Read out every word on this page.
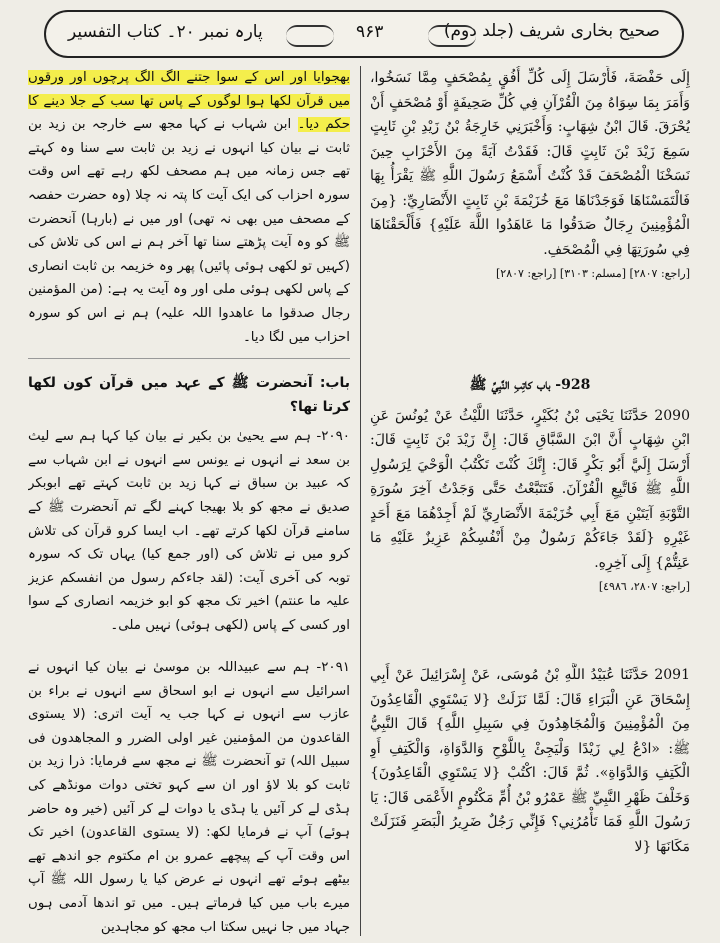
صحیح بخاری شریف (جلد دوم)
۹۶۳
پارہ نمبر ۲۰۔ کتاب التفسیر

بھجوایا اور اس کے سوا جتنے الگ الگ پرچوں اور ورقوں میں قرآن لکھا ہوا لوگوں کے پاس تھا سب کے جلا دینے کا حکم دیا۔ ابن شہاب نے کہا مجھ سے خارجہ بن زید بن ثابت نے بیان کیا انہوں نے زید بن ثابت سے سنا وہ کہتے تھے جس زمانہ میں ہم مصحف لکھ رہے تھے اس وقت سورہ احزاب کی ایک آیت کا پتہ نہ چلا (وہ حضرت حفصہ کے مصحف میں بھی نہ تھی) اور میں نے (بارہا) آنحضرت ﷺ کو وہ آیت پڑھتے سنا تھا آخر ہم نے اس کی تلاش کی (کہیں تو لکھی ہوئی پائیں) پھر وہ خزیمہ بن ثابت انصاری کے پاس لکھی ہوئی ملی اور وہ آیت یہ ہے: (من المؤمنین رجال صدقوا ما عاھدوا اللہ علیہ) ہم نے اس کو سورہ احزاب میں لگا دیا۔

باب: آنحضرت ﷺ کے عہد میں قرآن کون لکھا کرتا تھا؟

۲۰۹۰- ہم سے یحییٰ بن بکیر نے بیان کیا کہا ہم سے لیث بن سعد نے انہوں نے یونس سے انہوں نے ابن شہاب سے کہ عبید بن سباق نے کہا زید بن ثابت کہتے تھے ابوبکر صدیق نے مجھ کو بلا بھیجا کہنے لگے تم آنحضرت ﷺ کے سامنے قرآن لکھا کرتے تھے۔ اب ایسا کرو قرآن کی تلاش کرو میں نے تلاش کی (اور جمع کیا) یہاں تک کہ سورہ توبہ کی آخری آیت: (لقد جاءکم رسول من انفسکم عزیز علیہ ما عنتم) اخیر تک مجھ کو ابو خزیمہ انصاری کے سوا اور کسی کے پاس (لکھی ہوئی) نہیں ملی۔

۲۰۹۱- ہم سے عبیداللہ بن موسیٰ نے بیان کیا انہوں نے اسرائیل سے انہوں نے ابو اسحاق سے انہوں نے براء بن عازب سے انہوں نے کہا جب یہ آیت اتری: (لا یستوی القاعدون من المؤمنین غیر اولی الضرر و المجاھدون فی سبیل اللہ) تو آنحضرت ﷺ نے مجھ سے فرمایا: ذرا زید بن ثابت کو بلا لاؤ اور ان سے کہو تختی دوات مونڈھے کی ہڈی لے کر آئیں یا ہڈی یا دوات لے کر آئیں (خیر وہ حاضر ہوئے) آپ نے فرمایا لکھ: (لا یستوی القاعدون) اخیر تک اس وقت آپ کے پیچھے عمرو بن ام مکتوم جو اندھے تھے بیٹھے ہوئے تھے انہوں نے عرض کیا یا رسول اللہ ﷺ آپ میرے باب میں کیا فرماتے ہیں۔ میں تو اندھا آدمی ہوں جہاد میں جا نہیں سکتا اب مجھ کو مجاہدین

إِلَى حَفْصَةَ، فَأَرْسَلَ إِلَى كُلِّ أُفُقٍ بِمُصْحَفٍ مِمَّا نَسَخُوا، وَأَمَرَ بِمَا سِوَاهُ مِنَ الْقُرْآنِ فِي كُلِّ صَحِيفَةٍ أَوْ مُصْحَفٍ أَنْ يُحْرَقَ. قَالَ ابْنُ شِهَابٍ: وَأَخْبَرَنِي خَارِجَةُ بْنُ زَيْدِ بْنِ ثَابِتٍ سَمِعَ زَيْدَ بْنَ ثَابِتٍ قَالَ: فَقَدْتُ آيَةً مِنَ الأَحْزَابِ حِينَ نَسَخْنَا الْمُصْحَفَ قَدْ كُنْتُ أَسْمَعُ رَسُولَ اللَّهِ ﷺ يَقْرَأُ بِهَا فَالْتَمَسْنَاهَا فَوَجَدْنَاهَا مَعَ خُزَيْمَةَ بْنِ ثَابِتٍ الأَنْصَارِيِّ: {مِنَ الْمُؤْمِنِينَ رِجَالٌ صَدَقُوا مَا عَاهَدُوا اللَّهَ عَلَيْهِ} فَأَلْحَقْنَاهَا فِي سُورَتِهَا فِي الْمُصْحَفِ.

[راجع: ٢٨٠٧] [مسلم: ٣١٠٣] [راجع: ٢٨٠٧]

928- باب كاتِبِ النَّبِيِّ ﷺ

2090 حَدَّثَنَا يَحْيَى بْنُ بُكَيْرٍ، حَدَّثَنَا اللَّيْثُ عَنْ يُونُسَ عَنِ ابْنِ شِهَابٍ أَنَّ ابْنَ السَّبَّاقِ قَالَ: إِنَّ زَيْدَ بْنَ ثَابِتٍ قَالَ: أَرْسَلَ إِلَيَّ أَبُو بَكْرٍ قَالَ: إِنَّكَ كُنْتَ تَكْتُبُ الْوَحْيَ لِرَسُولِ اللَّهِ ﷺ فَاتَّبِعِ الْقُرْآنَ. فَتَتَبَّعْتُ حَتَّى وَجَدْتُ آخِرَ سُورَةِ التَّوْبَةِ آيَتَيْنِ مَعَ أَبِي خُزَيْمَةَ الأَنْصَارِيِّ لَمْ أَجِدْهُمَا مَعَ أَحَدٍ غَيْرِهِ {لَقَدْ جَاءَكُمْ رَسُولٌ مِنْ أَنْفُسِكُمْ عَزِيزٌ عَلَيْهِ مَا عَنِتُّمْ} إِلَى آخِرِهِ.

[راجع: ٢٨٠٧، ٤٩٨٦]

2091 حَدَّثَنَا عُبَيْدُ اللَّهِ بْنُ مُوسَى، عَنْ إِسْرَائِيلَ عَنْ أَبِي إِسْحَاقَ عَنِ الْبَرَاءِ قَالَ: لَمَّا نَزَلَتْ {لا يَسْتَوِي الْقَاعِدُونَ مِنَ الْمُؤْمِنِينَ وَالْمُجَاهِدُونَ فِي سَبِيلِ اللَّهِ} قَالَ النَّبِيُّ ﷺ: «ادْعُ لِي زَيْدًا وَلْيَجِئْ بِاللَّوْحِ وَالدَّوَاةِ، وَالْكَتِفِ أَوِ الْكَتِفِ وَالدَّوَاةِ». ثُمَّ قَالَ: اكْتُبْ {لا يَسْتَوِي الْقَاعِدُونَ} وَخَلْفَ ظَهْرِ النَّبِيِّ ﷺ عَمْرُو بْنُ أُمِّ مَكْتُومٍ الأَعْمَى قَالَ: يَا رَسُولَ اللَّهِ فَمَا تَأْمُرُنِي؟ فَإِنِّي رَجُلٌ ضَرِيرُ الْبَصَرِ فَنَزَلَتْ مَكَانَهَا {لا
